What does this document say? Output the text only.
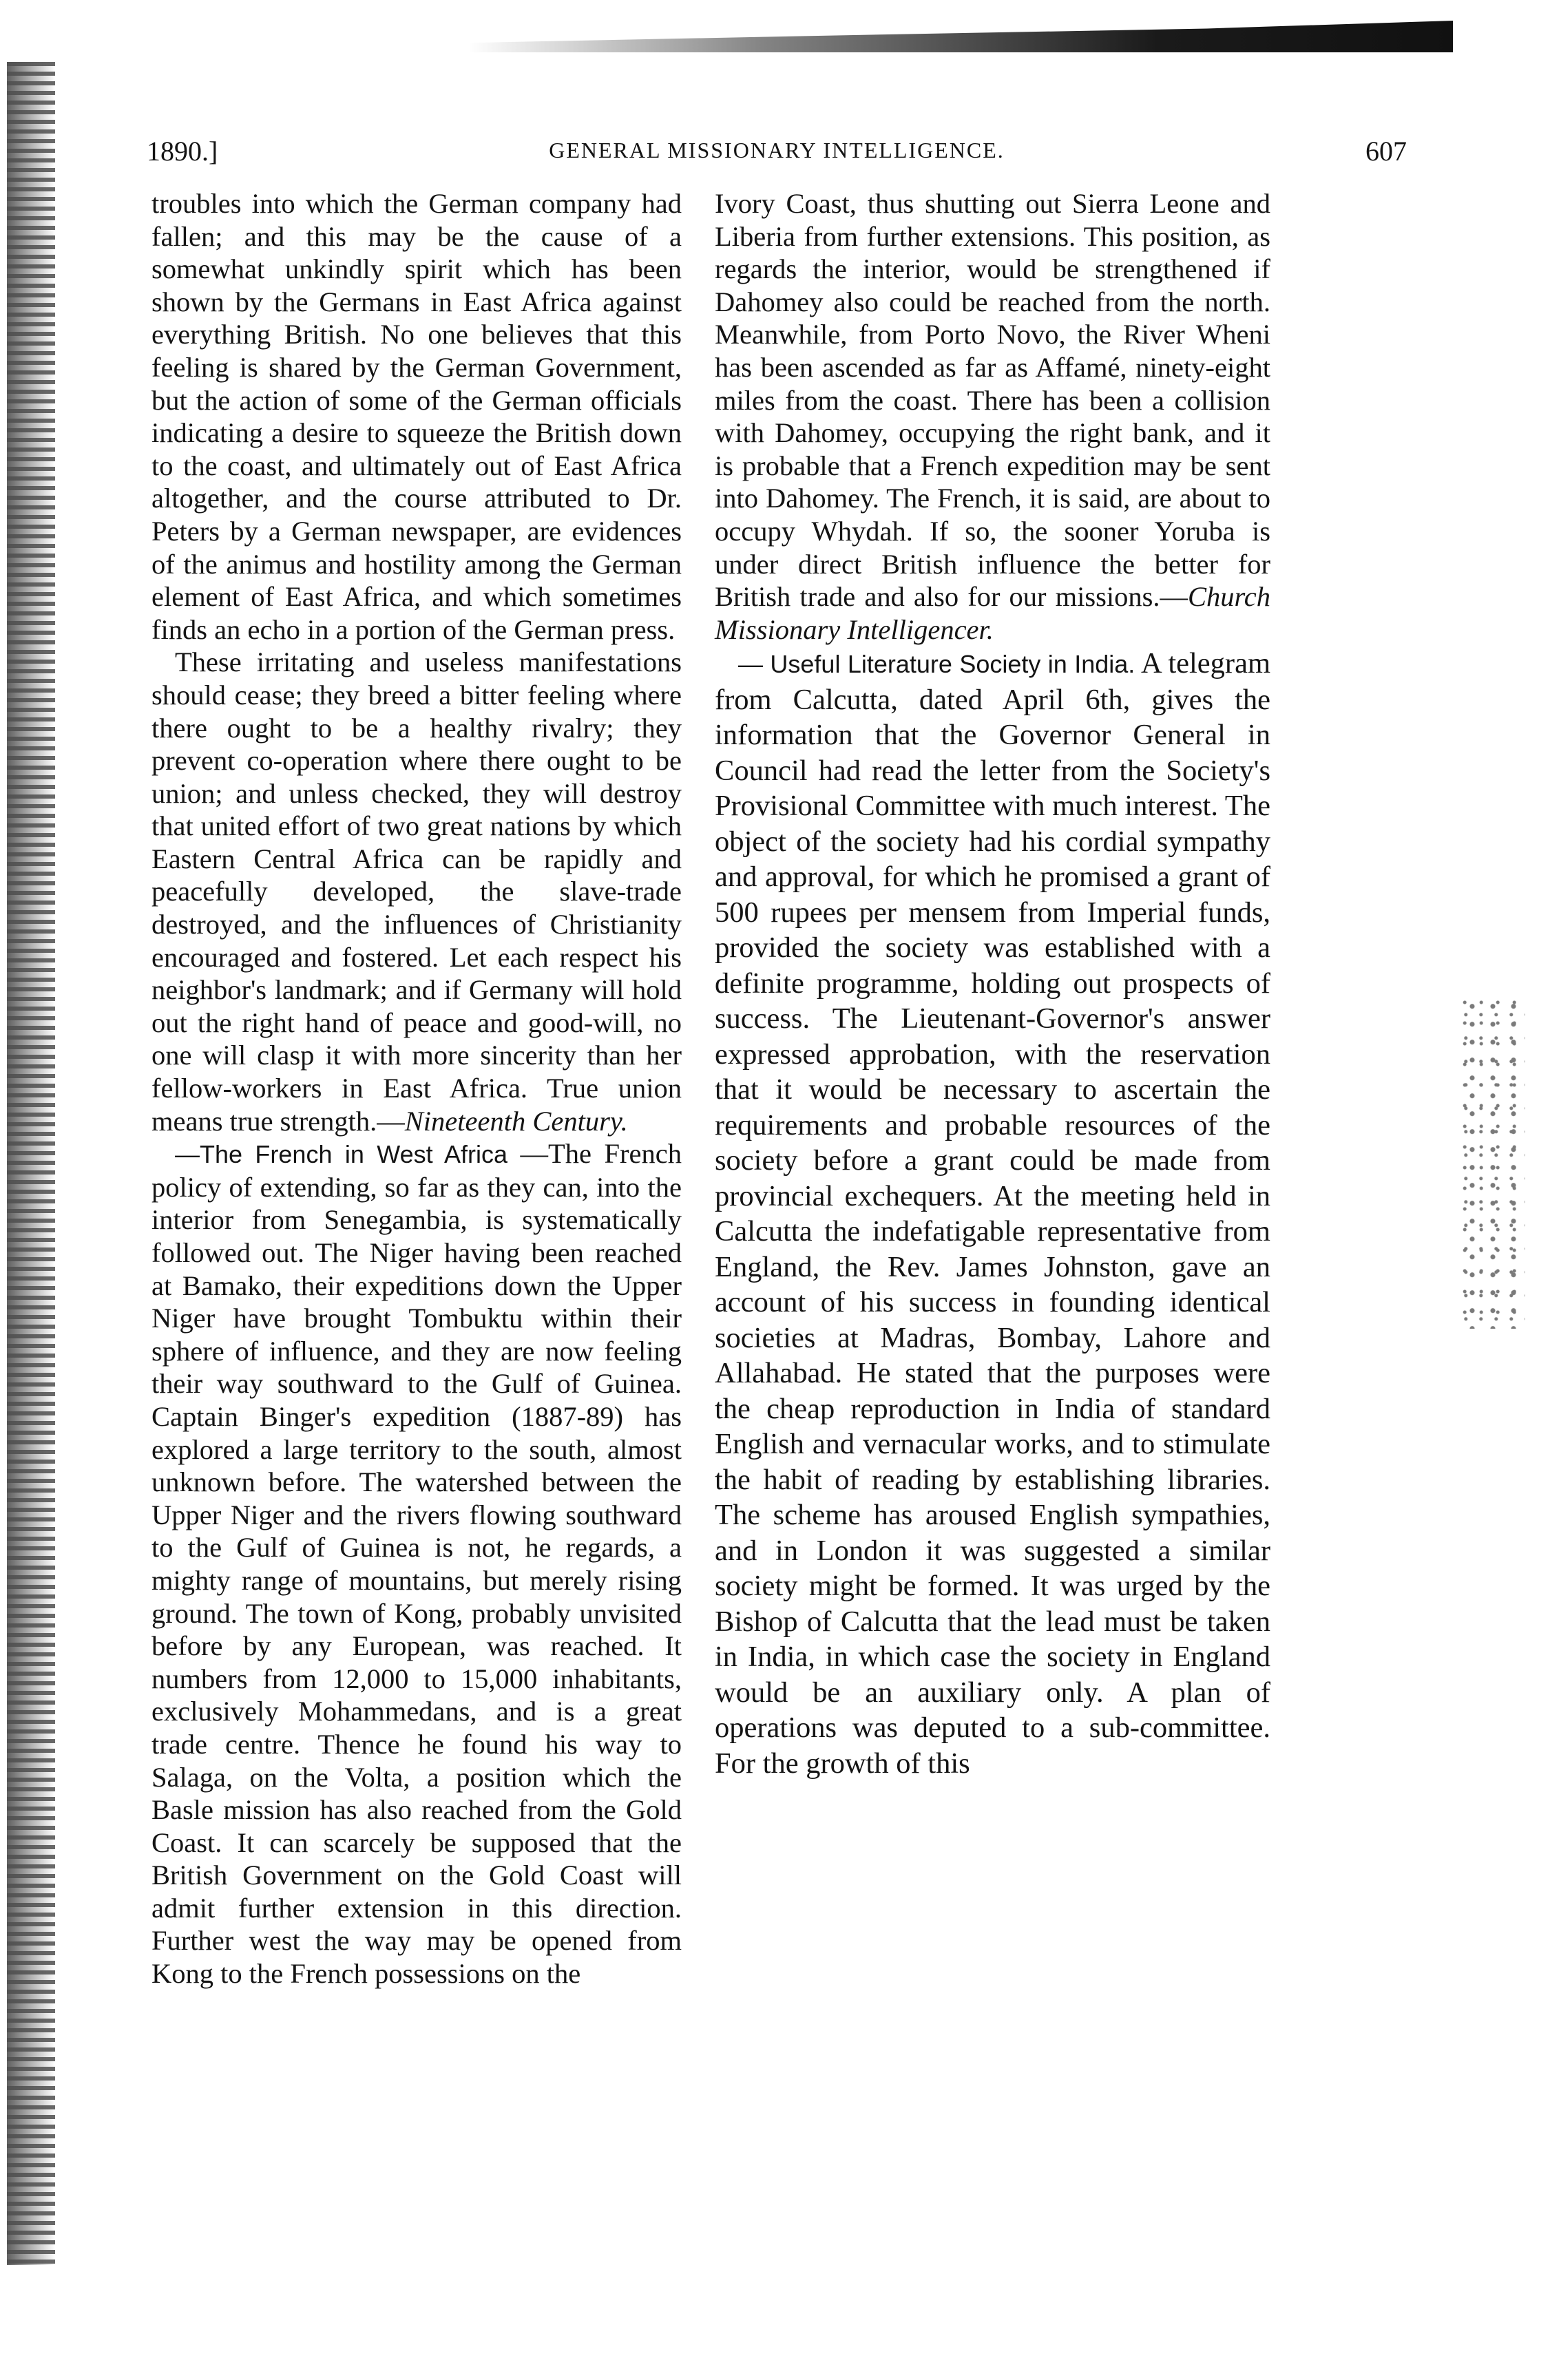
1890.]	GENERAL MISSIONARY INTELLIGENCE.	607

troubles into which the German company had fallen; and this may be the cause of a somewhat unkindly spirit which has been shown by the Germans in East Africa against everything British. No one believes that this feeling is shared by the German Government, but the action of some of the German officials indicating a desire to squeeze the British down to the coast, and ultimately out of East Africa altogether, and the course attributed to Dr. Peters by a German newspaper, are evidences of the animus and hostility among the German element of East Africa, and which sometimes finds an echo in a portion of the German press.

These irritating and useless manifestations should cease; they breed a bitter feeling where there ought to be a healthy rivalry; they prevent co-operation where there ought to be union; and unless checked, they will destroy that united effort of two great nations by which Eastern Central Africa can be rapidly and peacefully developed, the slave-trade destroyed, and the influences of Christianity encouraged and fostered. Let each respect his neighbor's landmark; and if Germany will hold out the right hand of peace and good-will, no one will clasp it with more sincerity than her fellow-workers in East Africa. True union means true strength.—Nineteenth Century.

—The French in West Africa —The French policy of extending, so far as they can, into the interior from Senegambia, is systematically followed out. The Niger having been reached at Bamako, their expeditions down the Upper Niger have brought Tombuktu within their sphere of influence, and they are now feeling their way southward to the Gulf of Guinea. Captain Binger's expedition (1887-89) has explored a large territory to the south, almost unknown before. The watershed between the Upper Niger and the rivers flowing southward to the Gulf of Guinea is not, he regards, a mighty range of mountains, but merely rising ground. The town of Kong, probably unvisited before by any European, was reached. It numbers from 12,000 to 15,000 inhabitants, exclusively Mohammedans, and is a great trade centre. Thence he found his way to Salaga, on the Volta, a position which the Basle mission has also reached from the Gold Coast. It can scarcely be supposed that the British Government on the Gold Coast will admit further extension in this direction. Further west the way may be opened from Kong to the French possessions on the

Ivory Coast, thus shutting out Sierra Leone and Liberia from further extensions. This position, as regards the interior, would be strengthened if Dahomey also could be reached from the north. Meanwhile, from Porto Novo, the River Wheni has been ascended as far as Affamé, ninety-eight miles from the coast. There has been a collision with Dahomey, occupying the right bank, and it is probable that a French expedition may be sent into Dahomey. The French, it is said, are about to occupy Whydah. If so, the sooner Yoruba is under direct British influence the better for British trade and also for our missions.—Church Missionary Intelligencer.

— Useful Literature Society in India. A telegram from Calcutta, dated April 6th, gives the information that the Governor General in Council had read the letter from the Society's Provisional Committee with much interest. The object of the society had his cordial sympathy and approval, for which he promised a grant of 500 rupees per mensem from Imperial funds, provided the society was established with a definite programme, holding out prospects of success. The Lieutenant-Governor's answer expressed approbation, with the reservation that it would be necessary to ascertain the requirements and probable resources of the society before a grant could be made from provincial exchequers. At the meeting held in Calcutta the indefatigable representative from England, the Rev. James Johnston, gave an account of his success in founding identical societies at Madras, Bombay, Lahore and Allahabad. He stated that the purposes were the cheap reproduction in India of standard English and vernacular works, and to stimulate the habit of reading by establishing libraries. The scheme has aroused English sympathies, and in London it was suggested a similar society might be formed. It was urged by the Bishop of Calcutta that the lead must be taken in India, in which case the society in England would be an auxiliary only. A plan of operations was deputed to a sub-committee. For the growth of this
